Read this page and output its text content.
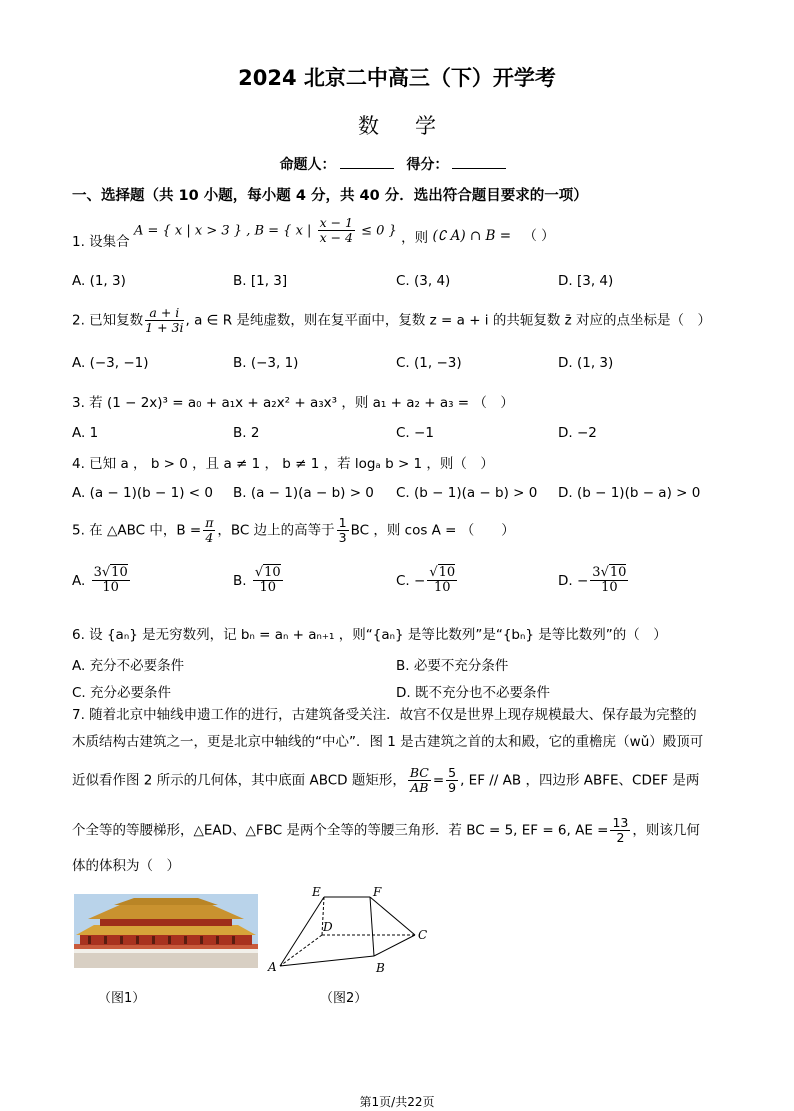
2024 北京二中高三（下）开学考
数学
命题人：	得分：
一、选择题（共 10 小题，每小题 4 分，共 40 分．选出符合题目要求的一项）
1. 设集合 A = { x | x > 3 } , B = { x | $\frac{x - 1}{x - 4} \le 0$ } ，则 (∁ A) ∩ B = （ ）
A. (1, 3)	B. [1, 3]	C. (3, 4)	D. [3, 4)
2. 已知复数 $\frac{a + i}{1 + 3i}$ , a ∈ R 是纯虚数，则在复平面中，复数 z = a + i 的共轭复数 z̄ 对应的点坐标是（　）
A. (−3, −1)	B. (−3, 1)	C. (1, −3)	D. (1, 3)
3. 若 (1 − 2x)³ = a₀ + a₁x + a₂x² + a₃x³ ，则 a₁ + a₂ + a₃ = （　）
A. 1	B. 2	C. −1	D. −2
4. 已知 a ， b > 0 ，且 a ≠ 1 ， b ≠ 1 ，若 logₐ b > 1 ，则（　）
A. (a − 1)(b − 1) < 0 B. (a − 1)(a − b) > 0 C. (b − 1)(a − b) > 0 D. (b − 1)(b − a) > 0
5. 在 △ABC 中，$B = \frac{\pi}{4}$ ，BC 边上的高等于 $\frac{1}{3}$ BC ，则 cos A = （　　）
A. $\frac{3√10}{10}$	B. $\frac{√10}{10}$	C. − $\frac{√10}{10}$	D. − $\frac{3√10}{10}$
6. 设 {aₙ} 是无穷数列，记 bₙ = aₙ + aₙ₊₁ ，则“{aₙ} 是等比数列”是“{bₙ} 是等比数列”的（　）
A. 充分不必要条件	B. 必要不充分条件
C. 充分必要条件	D. 既不充分也不必要条件
7. 随着北京中轴线申遗工作的进行，古建筑备受关注．故宫不仅是世界上现存规模最大、保存最为完整的
木质结构古建筑之一，更是北京中轴线的“中心”．图 1 是古建筑之首的太和殿，它的重檐庑（wǔ）殿顶可
近似看作图 2 所示的几何体，其中底面 ABCD 题矩形， $\frac{BC}{AB} = \frac{5}{9}$ , EF // AB ，四边形 ABFE、CDEF 是两
个全等的等腰梯形，△EAD、△FBC 是两个全等的等腰三角形．若 BC = 5, EF = 6, AE = $\frac{13}{2}$ ，则该几何
体的体积为（　）
（图1）
E	F
D
C
A	B
（图2）
第1页/共22页
